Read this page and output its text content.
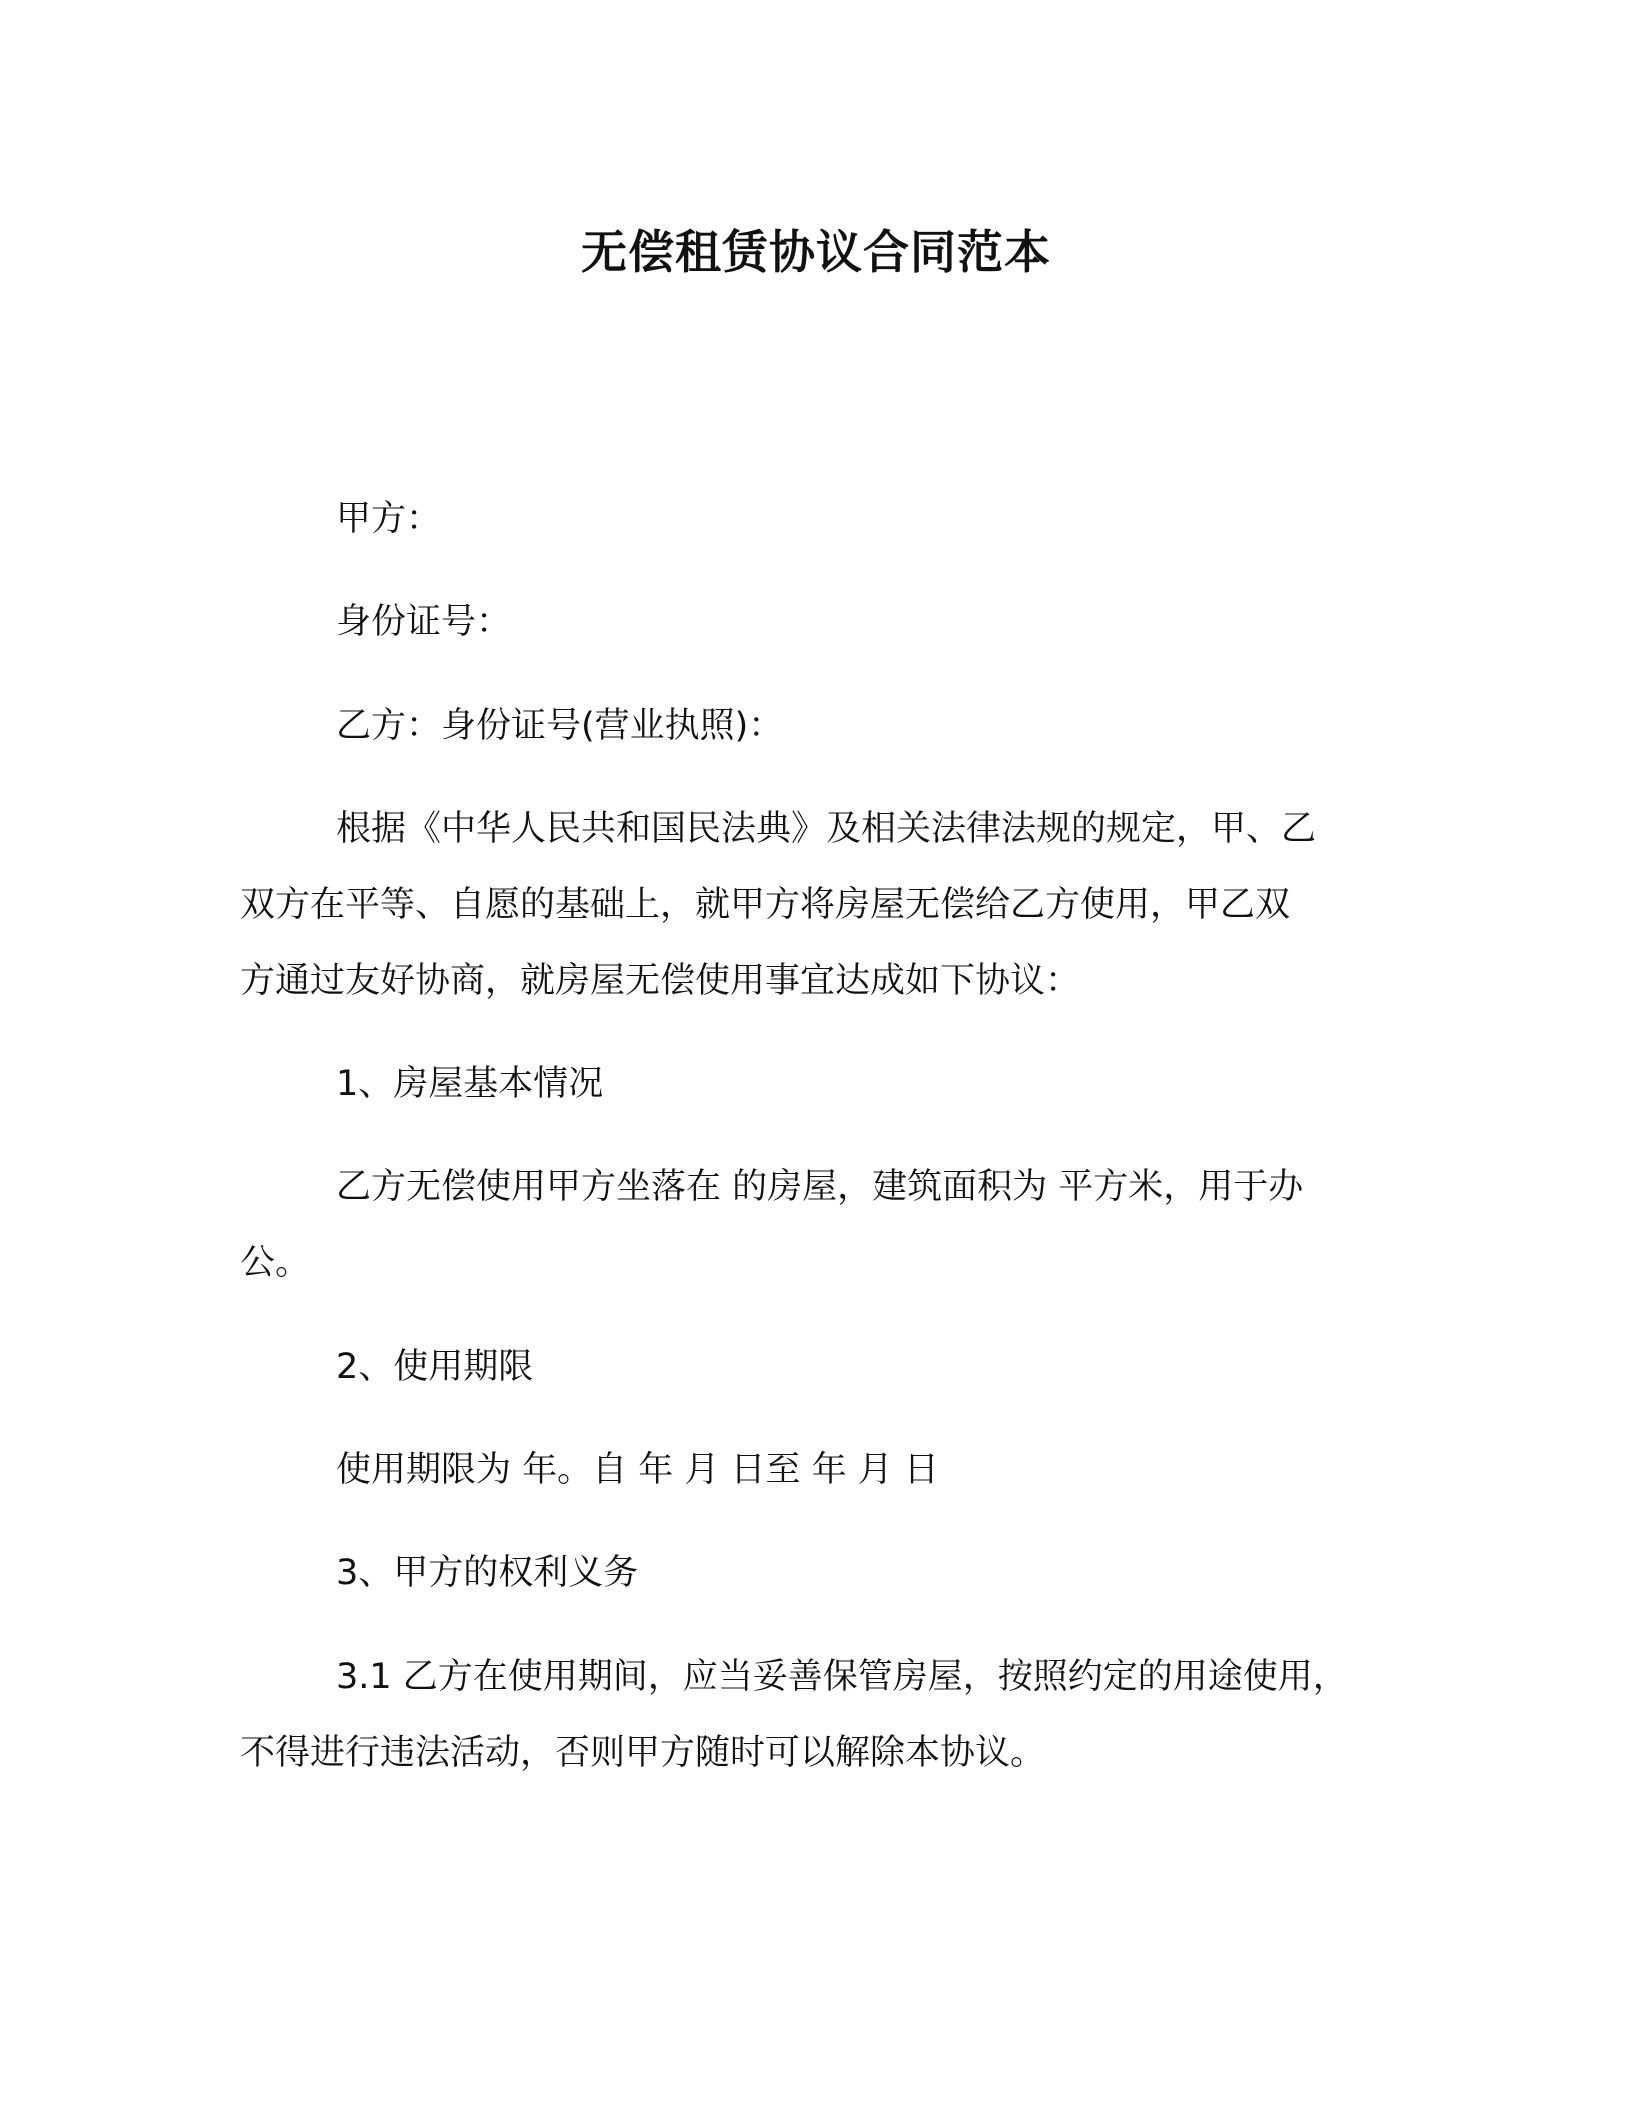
无偿租赁协议合同范本
甲方：
身份证号：
乙方：身份证号(营业执照)：
根据《中华人民共和国民法典》及相关法律法规的规定，甲、乙
双方在平等、自愿的基础上，就甲方将房屋无偿给乙方使用，甲乙双
方通过友好协商，就房屋无偿使用事宜达成如下协议：
1、房屋基本情况
乙方无偿使用甲方坐落在 的房屋，建筑面积为 平方米，用于办
公。
2、使用期限
使用期限为 年。自 年 月 日至 年 月 日
3、甲方的权利义务
3.1 乙方在使用期间，应当妥善保管房屋，按照约定的用途使用，
不得进行违法活动，否则甲方随时可以解除本协议。
